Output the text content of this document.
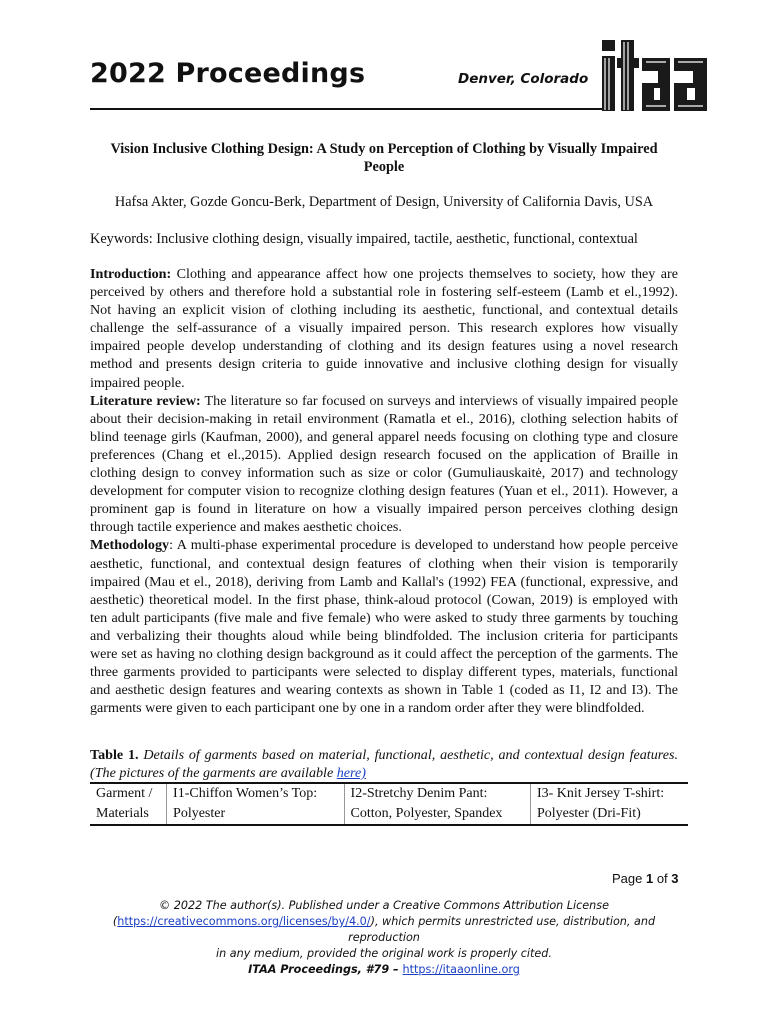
2022 Proceedings	Denver, Colorado
Vision Inclusive Clothing Design: A Study on Perception of Clothing by Visually Impaired People
Hafsa Akter, Gozde Goncu-Berk, Department of Design, University of California Davis, USA
Keywords: Inclusive clothing design, visually impaired, tactile, aesthetic, functional, contextual

Introduction: Clothing and appearance affect how one projects themselves to society, how they are perceived by others and therefore hold a substantial role in fostering self-esteem (Lamb et el.,1992). Not having an explicit vision of clothing including its aesthetic, functional, and contextual details challenge the self-assurance of a visually impaired person. This research explores how visually impaired people develop understanding of clothing and its design features using a novel research method and presents design criteria to guide innovative and inclusive clothing design for visually impaired people.

Literature review: The literature so far focused on surveys and interviews of visually impaired people about their decision-making in retail environment (Ramatla et el., 2016), clothing selection habits of blind teenage girls (Kaufman, 2000), and general apparel needs focusing on clothing type and closure preferences (Chang et el.,2015). Applied design research focused on the application of Braille in clothing design to convey information such as size or color (Gumuliauskaitė, 2017) and technology development for computer vision to recognize clothing design features (Yuan et el., 2011). However, a prominent gap is found in literature on how a visually impaired person perceives clothing design through tactile experience and makes aesthetic choices.

Methodology: A multi-phase experimental procedure is developed to understand how people perceive aesthetic, functional, and contextual design features of clothing when their vision is temporarily impaired (Mau et el., 2018), deriving from Lamb and Kallal's (1992) FEA (functional, expressive, and aesthetic) theoretical model. In the first phase, think-aloud protocol (Cowan, 2019) is employed with ten adult participants (five male and five female) who were asked to study three garments by touching and verbalizing their thoughts aloud while being blindfolded. The inclusion criteria for participants were set as having no clothing design background as it could affect the perception of the garments. The three garments provided to participants were selected to display different types, materials, functional and aesthetic design features and wearing contexts as shown in Table 1 (coded as I1, I2 and I3). The garments were given to each participant one by one in a random order after they were blindfolded.

Table 1. Details of garments based on material, functional, aesthetic, and contextual design features. (The pictures of the garments are available here)
Garment /	I1-Chiffon Women’s Top:	I2-Stretchy Denim Pant:	I3- Knit Jersey T-shirt:
Materials	Polyester	Cotton, Polyester, Spandex	Polyester (Dri-Fit)
Page 1 of 3
© 2022 The author(s). Published under a Creative Commons Attribution License
(https://creativecommons.org/licenses/by/4.0/), which permits unrestricted use, distribution, and reproduction
in any medium, provided the original work is properly cited.
ITAA Proceedings, #79 – https://itaaonline.org
